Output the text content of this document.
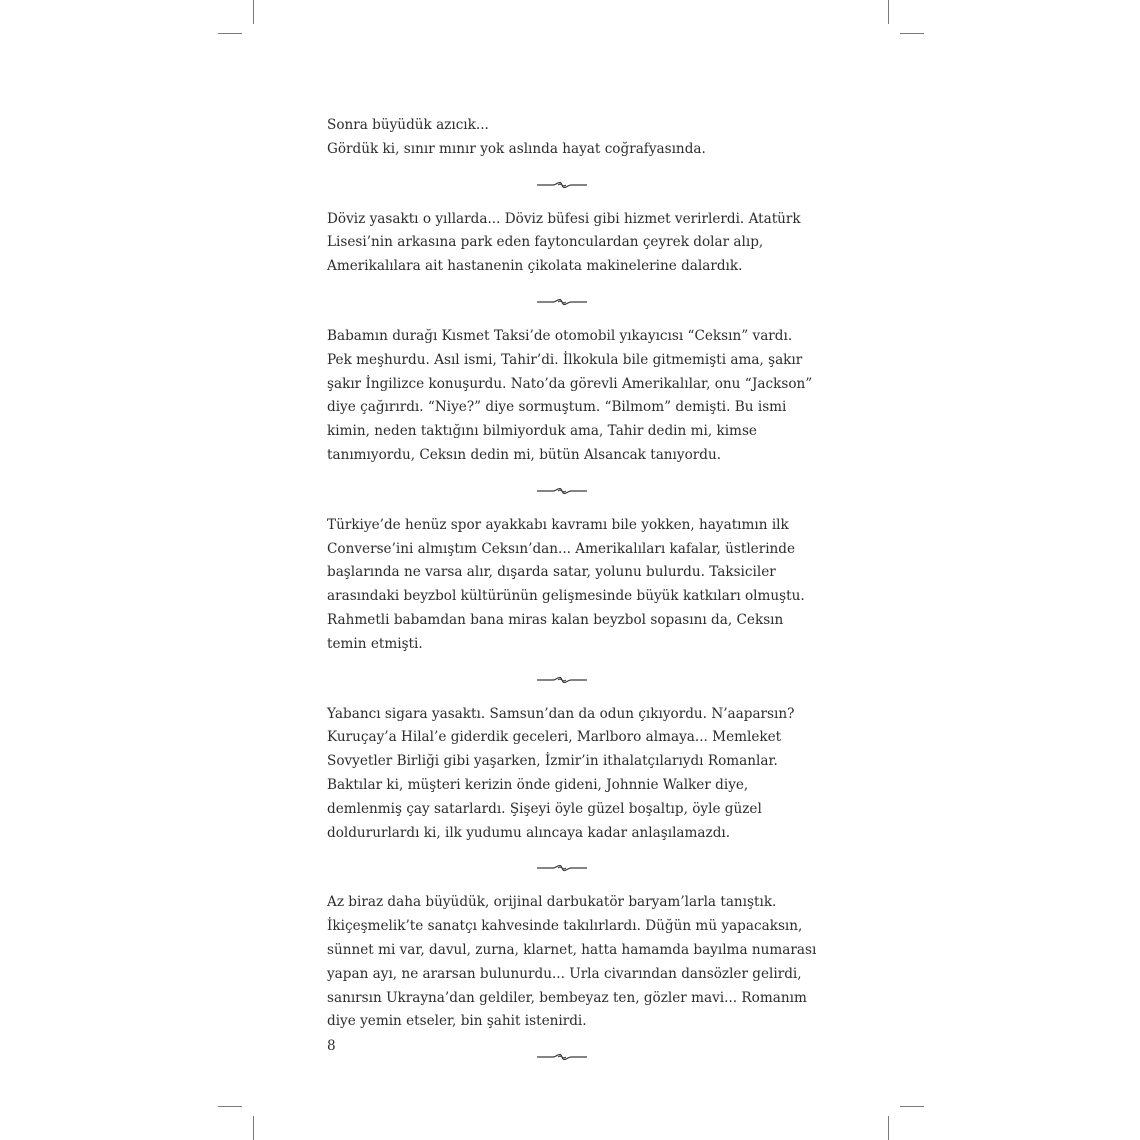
Sonra büyüdük azıcık...
Gördük ki, sınır mınır yok aslında hayat coğrafyasında.

Döviz yasaktı o yıllarda... Döviz büfesi gibi hizmet verirlerdi. Atatürk
Lisesi’nin arkasına park eden faytonculardan çeyrek dolar alıp,
Amerikalılara ait hastanenin çikolata makinelerine dalardık.

Babamın durağı Kısmet Taksi’de otomobil yıkayıcısı “Ceksın” vardı.
Pek meşhurdu. Asıl ismi, Tahir’di. İlkokula bile gitmemişti ama, şakır
şakır İngilizce konuşurdu. Nato’da görevli Amerikalılar, onu “Jackson”
diye çağırırdı. “Niye?” diye sormuştum. “Bilmom” demişti. Bu ismi
kimin, neden taktığını bilmiyorduk ama, Tahir dedin mi, kimse
tanımıyordu, Ceksın dedin mi, bütün Alsancak tanıyordu.

Türkiye’de henüz spor ayakkabı kavramı bile yokken, hayatımın ilk
Converse’ini almıştım Ceksın’dan... Amerikalıları kafalar, üstlerinde
başlarında ne varsa alır, dışarda satar, yolunu bulurdu. Taksiciler
arasındaki beyzbol kültürünün gelişmesinde büyük katkıları olmuştu.
Rahmetli babamdan bana miras kalan beyzbol sopasını da, Ceksın
temin etmişti.

Yabancı sigara yasaktı. Samsun’dan da odun çıkıyordu. N’aaparsın?
Kuruçay’a Hilal’e giderdik geceleri, Marlboro almaya... Memleket
Sovyetler Birliği gibi yaşarken, İzmir’in ithalatçılarıydı Romanlar.
Baktılar ki, müşteri kerizin önde gideni, Johnnie Walker diye,
demlenmiş çay satarlardı. Şişeyi öyle güzel boşaltıp, öyle güzel
doldururlardı ki, ilk yudumu alıncaya kadar anlaşılamazdı.

Az biraz daha büyüdük, orijinal darbukatör baryam’larla tanıştık.
İkiçeşmelik’te sanatçı kahvesinde takılırlardı. Düğün mü yapacaksın,
sünnet mi var, davul, zurna, klarnet, hatta hamamda bayılma numarası
yapan ayı, ne ararsan bulunurdu... Urla civarından dansözler gelirdi,
sanırsın Ukrayna’dan geldiler, bembeyaz ten, gözler mavi... Romanım
diye yemin etseler, bin şahit istenirdi.

8
